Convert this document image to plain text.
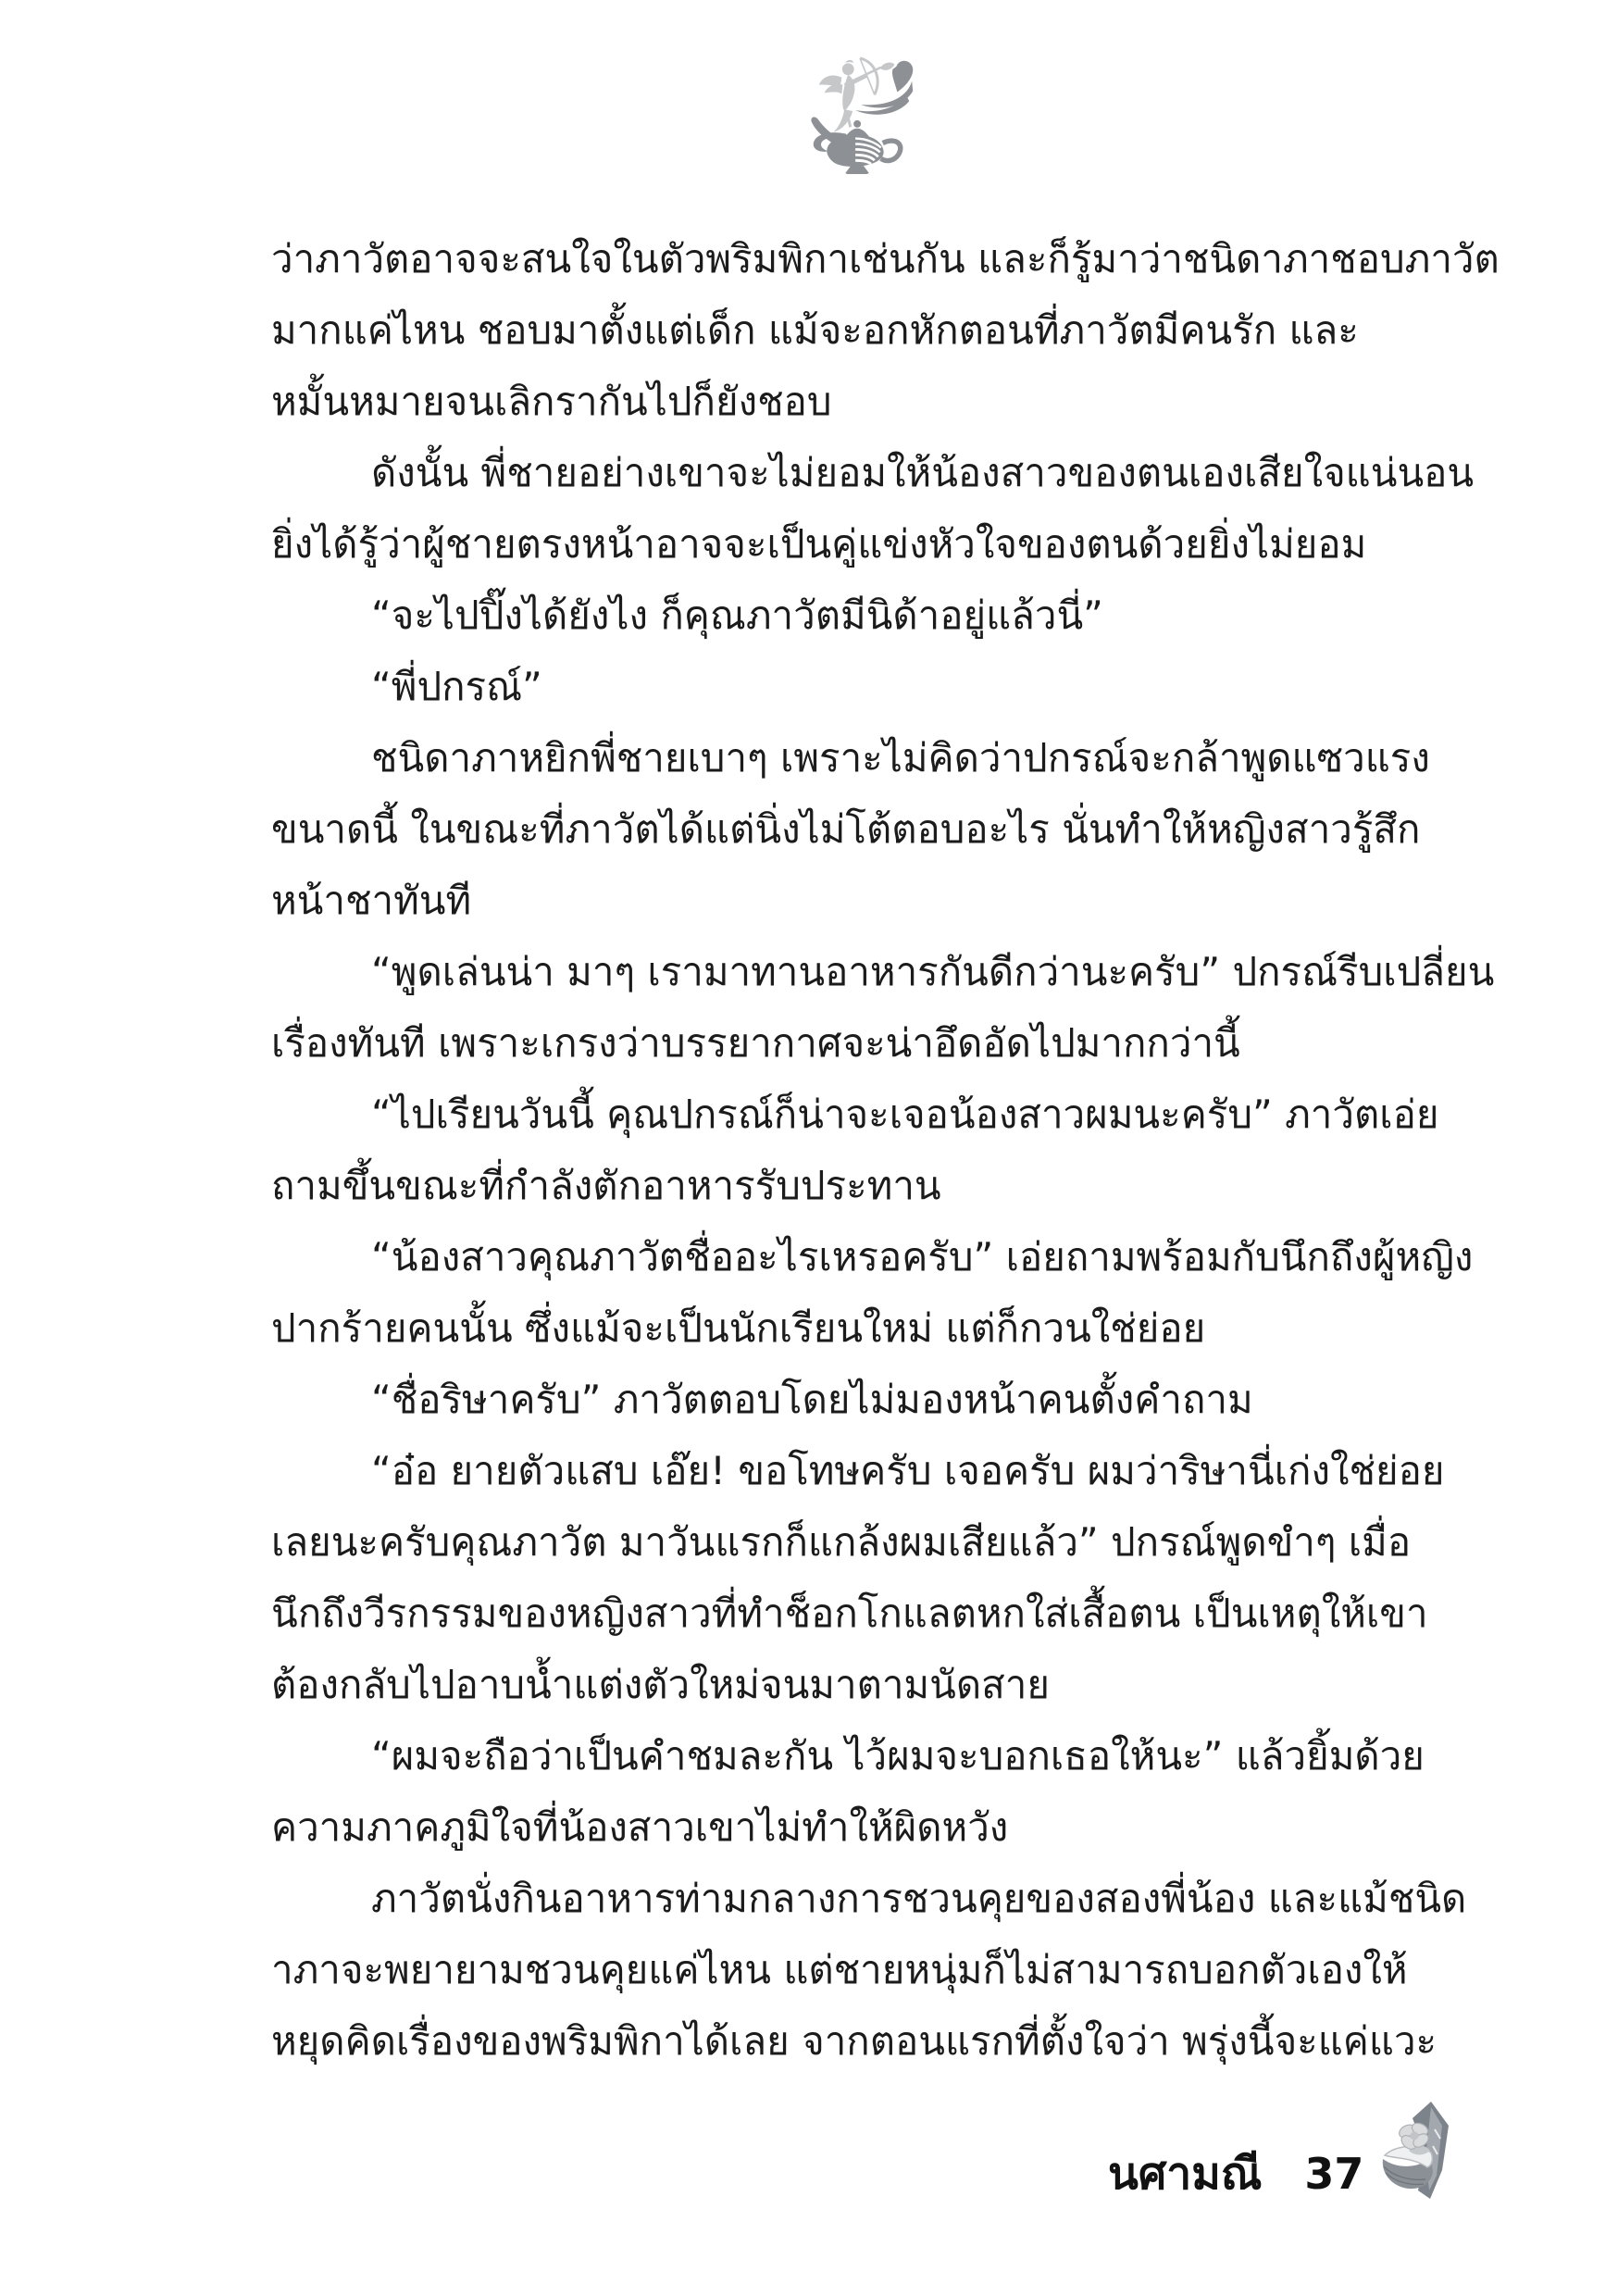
ว่าภาวัตอาจจะสนใจในตัวพริมพิกาเช่นกัน และก็รู้มาว่าชนิดาภาชอบภาวัต
มากแค่ไหน ชอบมาตั้งแต่เด็ก แม้จะอกหักตอนที่ภาวัตมีคนรัก และ
หมั้นหมายจนเลิกรากันไปก็ยังชอบ
ดังนั้น พี่ชายอย่างเขาจะไม่ยอมให้น้องสาวของตนเองเสียใจแน่นอน
ยิ่งได้รู้ว่าผู้ชายตรงหน้าอาจจะเป็นคู่แข่งหัวใจของตนด้วยยิ่งไม่ยอม
“จะไปปิ๊งได้ยังไง ก็คุณภาวัตมีนิด้าอยู่แล้วนี่”
“พี่ปกรณ์”
ชนิดาภาหยิกพี่ชายเบาๆ เพราะไม่คิดว่าปกรณ์จะกล้าพูดแซวแรง
ขนาดนี้ ในขณะที่ภาวัตได้แต่นิ่งไม่โต้ตอบอะไร นั่นทำให้หญิงสาวรู้สึก
หน้าชาทันที
“พูดเล่นน่า มาๆ เรามาทานอาหารกันดีกว่านะครับ” ปกรณ์รีบเปลี่ยน
เรื่องทันที เพราะเกรงว่าบรรยากาศจะน่าอึดอัดไปมากกว่านี้
“ไปเรียนวันนี้ คุณปกรณ์ก็น่าจะเจอน้องสาวผมนะครับ” ภาวัตเอ่ย
ถามขึ้นขณะที่กำลังตักอาหารรับประทาน
“น้องสาวคุณภาวัตชื่ออะไรเหรอครับ” เอ่ยถามพร้อมกับนึกถึงผู้หญิง
ปากร้ายคนนั้น ซึ่งแม้จะเป็นนักเรียนใหม่ แต่ก็กวนใช่ย่อย
“ชื่อริษาครับ” ภาวัตตอบโดยไม่มองหน้าคนตั้งคำถาม
“อ๋อ ยายตัวแสบ เอ๊ย! ขอโทษครับ เจอครับ ผมว่าริษานี่เก่งใช่ย่อย
เลยนะครับคุณภาวัต มาวันแรกก็แกล้งผมเสียแล้ว” ปกรณ์พูดขำๆ เมื่อ
นึกถึงวีรกรรมของหญิงสาวที่ทำช็อกโกแลตหกใส่เสื้อตน เป็นเหตุให้เขา
ต้องกลับไปอาบน้ำแต่งตัวใหม่จนมาตามนัดสาย
“ผมจะถือว่าเป็นคำชมละกัน ไว้ผมจะบอกเธอให้นะ” แล้วยิ้มด้วย
ความภาคภูมิใจที่น้องสาวเขาไม่ทำให้ผิดหวัง
ภาวัตนั่งกินอาหารท่ามกลางการชวนคุยของสองพี่น้อง และแม้ชนิด
าภาจะพยายามชวนคุยแค่ไหน แต่ชายหนุ่มก็ไม่สามารถบอกตัวเองให้
หยุดคิดเรื่องของพริมพิกาได้เลย จากตอนแรกที่ตั้งใจว่า พรุ่งนี้จะแค่แวะ
นศามณี 37
